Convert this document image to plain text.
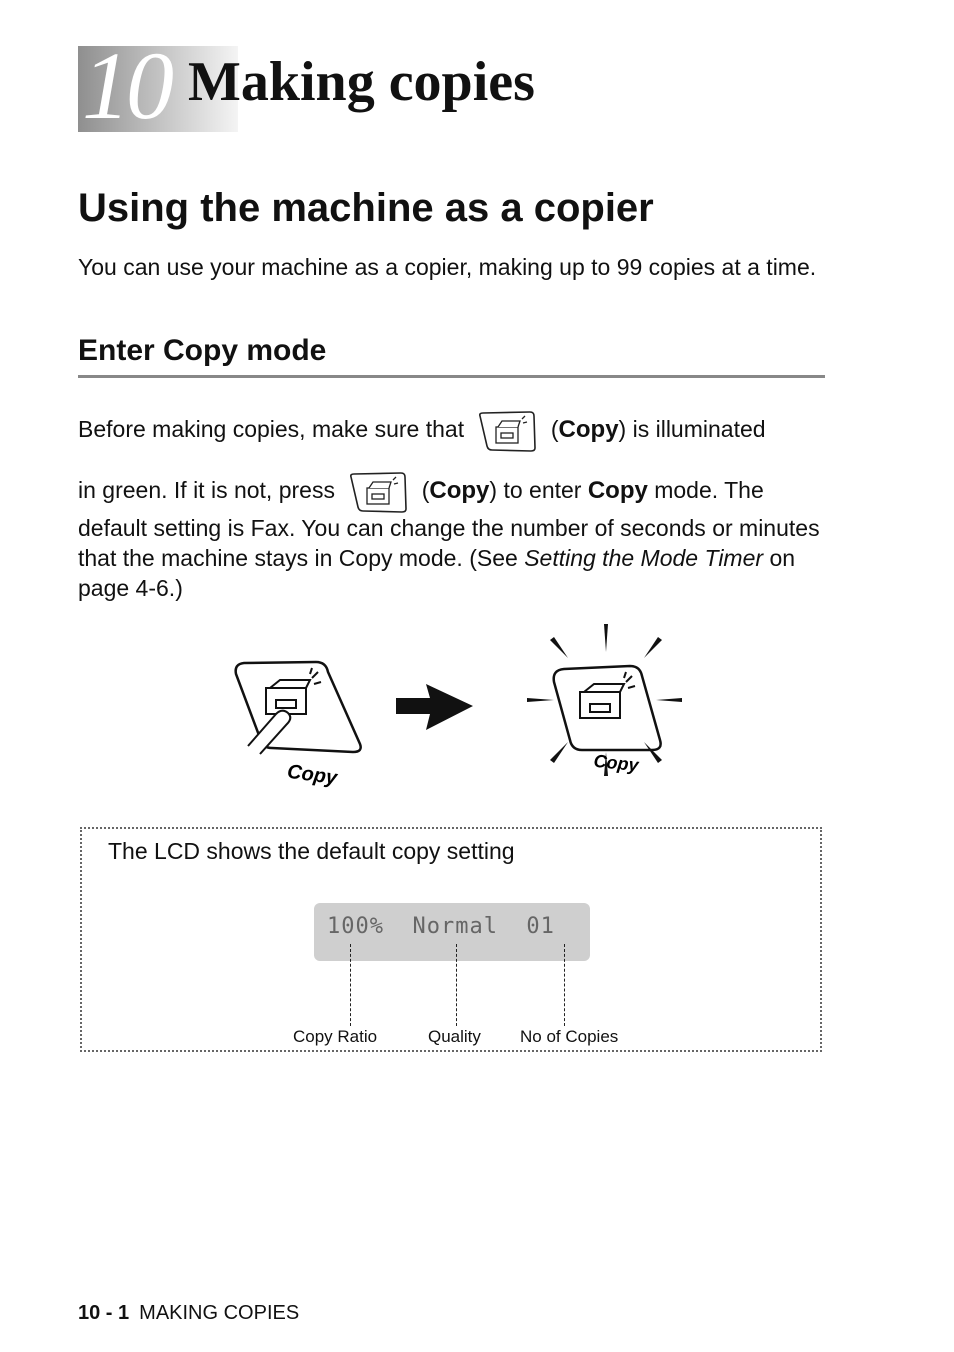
10 Making copies
Using the machine as a copier

You can use your machine as a copier, making up to 99 copies at a time.

Enter Copy mode
Before making copies, make sure that	(Copy) is illuminated
in green. If it is not, press	(Copy) to enter Copy mode. The

default setting is Fax. You can change the number of seconds or minutes that the machine stays in Copy mode. (See Setting the Mode Timer on page 4-6.)

Copy	Copy
The LCD shows the default copy setting
100%  Normal  01
Copy Ratio	Quality No of Copies
10 - 1 MAKING COPIES
